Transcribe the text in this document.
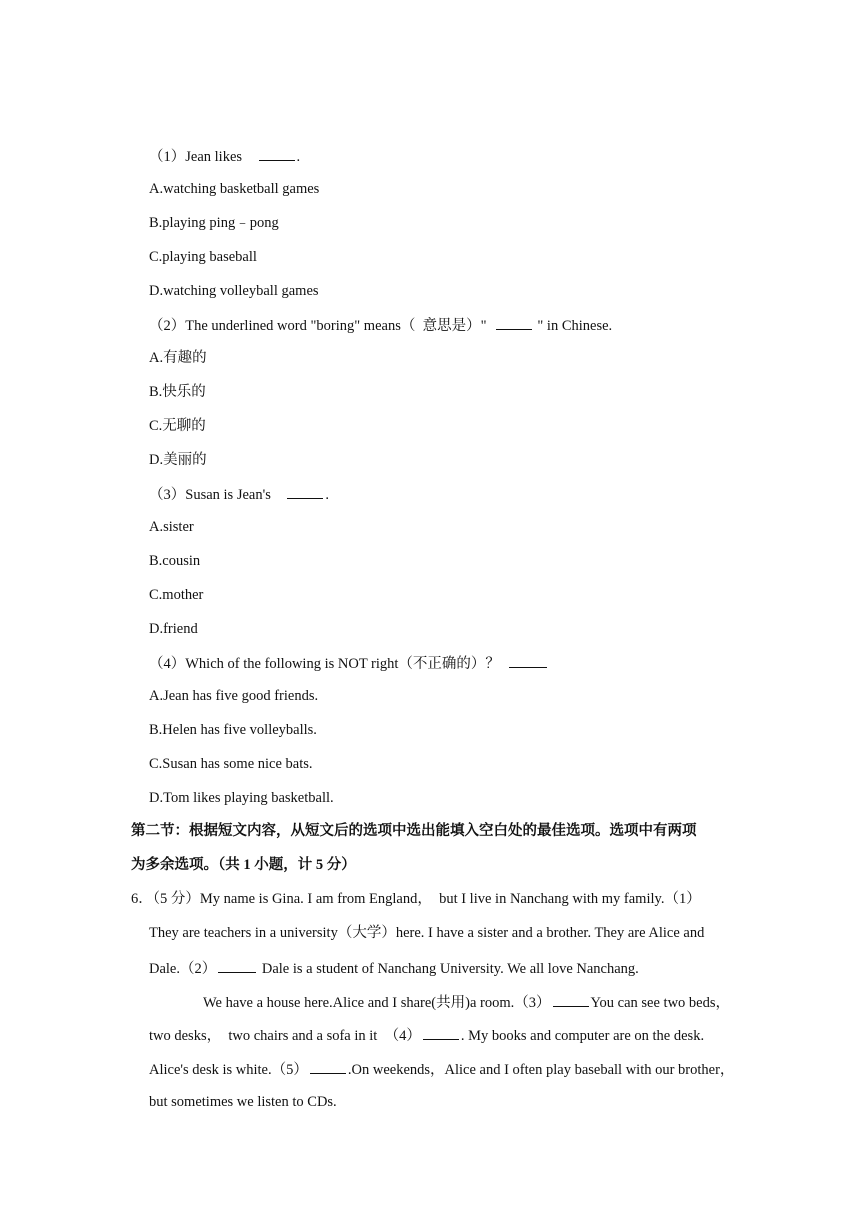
（1）Jean likes	.
A.watching basketball games
B.playing ping﹣pong
C.playing baseball
D.watching volleyball games
（2）The underlined word "boring" means（  意思是）"	" in Chinese.
A.有趣的
B.快乐的
C.无聊的
D.美丽的
（3）Susan is Jean's	.
A.sister
B.cousin
C.mother
D.friend
（4）Which of the following is NOT right（不正确的）？
A.Jean has five good friends.
B.Helen has five volleyballs.
C.Susan has some nice bats.
D.Tom likes playing basketball.
第二节：根据短文内容，从短文后的选项中选出能填入空白处的最佳选项。选项中有两项
为多余选项。（共 1 小题，计 5 分）
6．（5 分）My name is Gina. I am from England，  but I live in Nanchang with my family.（1）
They are teachers in a university（大学）here. I have a sister and a brother. They are Alice and
Dale.（2）	Dale is a student of Nanchang University. We all love Nanchang.
We have a house here.Alice and I share(共用)a room.（3）	You can see two beds，
two desks，  two chairs and a sofa in it  （4）	. My books and computer are on the desk.
Alice's desk is white.（5）	.On weekends，Alice and I often play baseball with our brother，
but sometimes we listen to CDs.
